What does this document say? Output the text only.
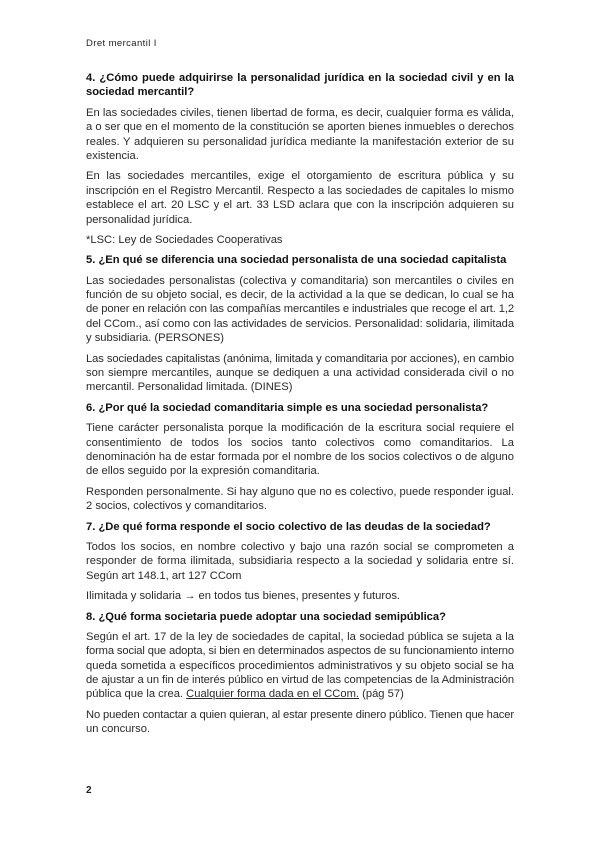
Dret mercantil I
4. ¿Cómo puede adquirirse la personalidad jurídica en la sociedad civil y en la
sociedad mercantil?
En las sociedades civiles, tienen libertad de forma, es decir, cualquier forma es válida,
a o ser que en el momento de la constitución se aporten bienes inmuebles o derechos
reales. Y adquieren su personalidad jurídica mediante la manifestación exterior de su
existencia.
En las sociedades mercantiles, exige el otorgamiento de escritura pública y su
inscripción en el Registro Mercantil. Respecto a las sociedades de capitales lo mismo
establece el art. 20 LSC y el art. 33 LSD aclara que con la inscripción adquieren su
personalidad jurídica.
*LSC: Ley de Sociedades Cooperativas
5. ¿En qué se diferencia una sociedad personalista de una sociedad capitalista
Las sociedades personalistas (colectiva y comanditaria) son mercantiles o civiles en
función de su objeto social, es decir, de la actividad a la que se dedican, lo cual se ha
de poner en relación con las compañías mercantiles e industriales que recoge el art. 1,2
del CCom., así como con las actividades de servicios. Personalidad: solidaria, ilimitada
y subsidiaria. (PERSONES)
Las sociedades capitalistas (anónima, limitada y comanditaria por acciones), en cambio
son siempre mercantiles, aunque se dediquen a una actividad considerada civil o no
mercantil. Personalidad limitada. (DINES)
6. ¿Por qué la sociedad comanditaria simple es una sociedad personalista?
Tiene carácter personalista porque la modificación de la escritura social requiere el
consentimiento de todos los socios tanto colectivos como comanditarios. La
denominación ha de estar formada por el nombre de los socios colectivos o de alguno
de ellos seguido por la expresión comanditaria.
Responden personalmente. Si hay alguno que no es colectivo, puede responder igual.
2 socios, colectivos y comanditarios.
7. ¿De qué forma responde el socio colectivo de las deudas de la sociedad?
Todos los socios, en nombre colectivo y bajo una razón social se comprometen a
responder de forma ilimitada, subsidiaria respecto a la sociedad y solidaria entre sí.
Según art 148.1, art 127 CCom
Ilimitada y solidaria → en todos tus bienes, presentes y futuros.
8. ¿Qué forma societaria puede adoptar una sociedad semipública?
Según el art. 17 de la ley de sociedades de capital, la sociedad pública se sujeta a la
forma social que adopta, si bien en determinados aspectos de su funcionamiento interno
queda sometida a específicos procedimientos administrativos y su objeto social se ha
de ajustar a un fin de interés público en virtud de las competencias de la Administración
pública que la crea. Cualquier forma dada en el CCom. (pág 57)
No pueden contactar a quien quieran, al estar presente dinero público. Tienen que hacer
un concurso.
2
